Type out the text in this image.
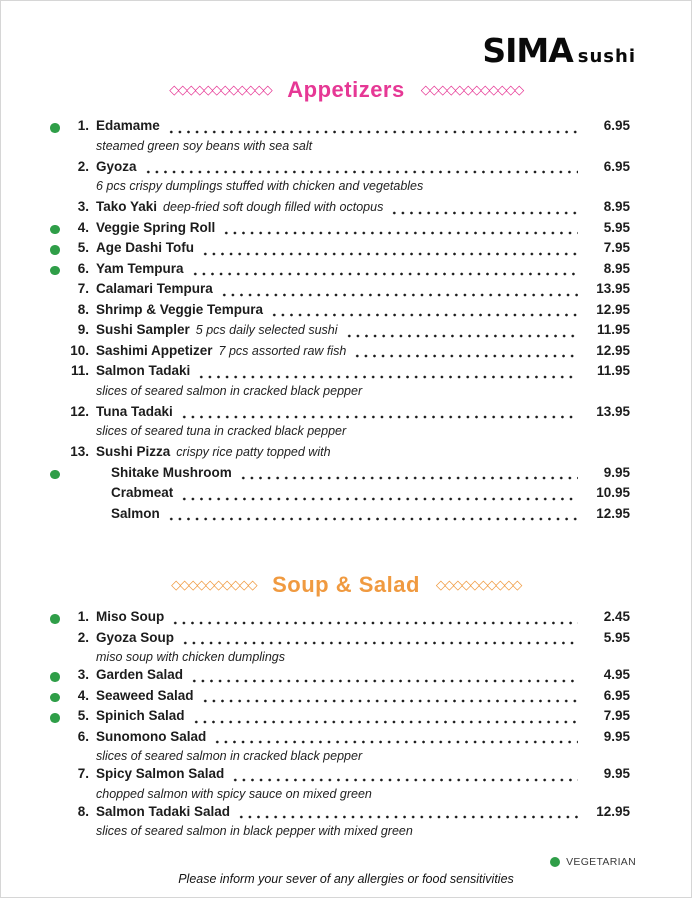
SIMA sushi
◇◇◇◇◇◇◇◇◇◇◇◇ Appetizers ◇◇◇◇◇◇◇◇◇◇◇◇
1. Edamame	6.95
steamed green soy beans with sea salt
2. Gyoza	6.95
6 pcs crispy dumplings stuffed with chicken and vegetables
3. Tako Yaki deep-fried soft dough filled with octopus	8.95
4. Veggie Spring Roll	5.95
5. Age Dashi Tofu	7.95
6. Yam Tempura	8.95
7. Calamari Tempura	13.95
8. Shrimp & Veggie Tempura	12.95
9. Sushi Sampler 5 pcs daily selected sushi	11.95
10. Sashimi Appetizer 7 pcs assorted raw fish	12.95
11. Salmon Tadaki	11.95
slices of seared salmon in cracked black pepper
12. Tuna Tadaki	13.95
slices of seared tuna in cracked black pepper
13. Sushi Pizza crispy rice patty topped with
Shitake Mushroom	9.95
Crabmeat	10.95
Salmon	12.95
◇◇◇◇◇◇◇◇◇◇ Soup & Salad ◇◇◇◇◇◇◇◇◇◇
1. Miso Soup	2.45
2. Gyoza Soup	5.95
miso soup with chicken dumplings
3. Garden Salad	4.95
4. Seaweed Salad	6.95
5. Spinich Salad	7.95
6. Sunomono Salad	9.95
slices of seared salmon in cracked black pepper
7. Spicy Salmon Salad	9.95
chopped salmon with spicy sauce on mixed green
8. Salmon Tadaki Salad	12.95
slices of seared salmon in black pepper with mixed green
VEGETARIAN
Please inform your sever of any allergies or food sensitivities
